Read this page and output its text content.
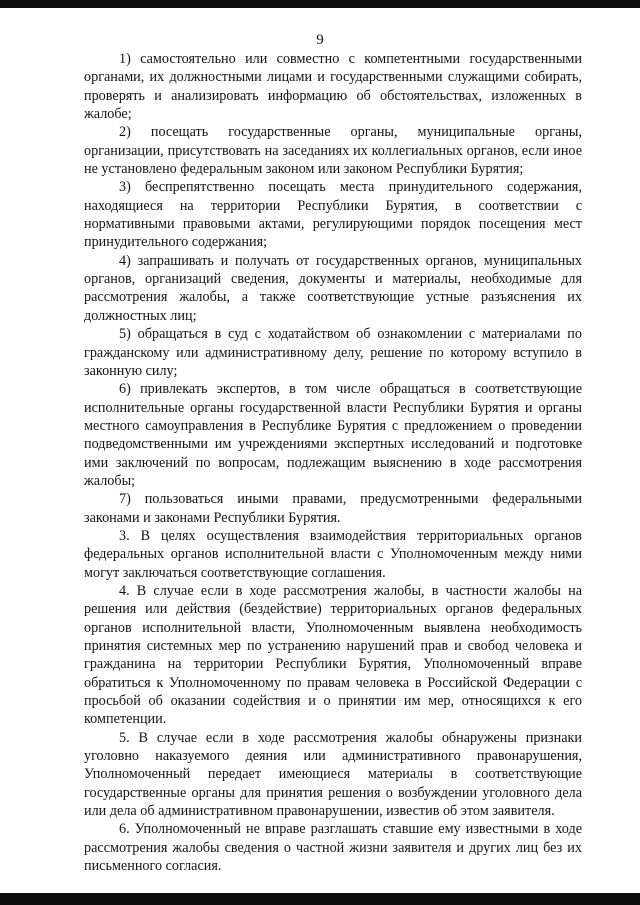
9

1) самостоятельно или совместно с компетентными государственными органами, их должностными лицами и государственными служащими собирать, проверять и анализировать информацию об обстоятельствах, изложенных в жалобе;

2) посещать государственные органы, муниципальные органы, организации, присутствовать на заседаниях их коллегиальных органов, если иное не установлено федеральным законом или законом Республики Бурятия;

3) беспрепятственно посещать места принудительного содержания, находящиеся на территории Республики Бурятия, в соответствии с нормативными правовыми актами, регулирующими порядок посещения мест принудительного содержания;

4) запрашивать и получать от государственных органов, муниципальных органов, организаций сведения, документы и материалы, необходимые для рассмотрения жалобы, а также соответствующие устные разъяснения их должностных лиц;

5) обращаться в суд с ходатайством об ознакомлении с материалами по гражданскому или административному делу, решение по которому вступило в законную силу;

6) привлекать экспертов, в том числе обращаться в соответствующие исполнительные органы государственной власти Республики Бурятия и органы местного самоуправления в Республике Бурятия с предложением о проведении подведомственными им учреждениями экспертных исследований и подготовке ими заключений по вопросам, подлежащим выяснению в ходе рассмотрения жалобы;

7) пользоваться иными правами, предусмотренными федеральными законами и законами Республики Бурятия.

3. В целях осуществления взаимодействия территориальных органов федеральных органов исполнительной власти с Уполномоченным между ними могут заключаться соответствующие соглашения.

4. В случае если в ходе рассмотрения жалобы, в частности жалобы на решения или действия (бездействие) территориальных органов федеральных органов исполнительной власти, Уполномоченным выявлена необходимость принятия системных мер по устранению нарушений прав и свобод человека и гражданина на территории Республики Бурятия, Уполномоченный вправе обратиться к Уполномоченному по правам человека в Российской Федерации с просьбой об оказании содействия и о принятии им мер, относящихся к его компетенции.

5. В случае если в ходе рассмотрения жалобы обнаружены признаки уголовно наказуемого деяния или административного правонарушения, Уполномоченный передает имеющиеся материалы в соответствующие государственные органы для принятия решения о возбуждении уголовного дела или дела об административном правонарушении, известив об этом заявителя.

6. Уполномоченный не вправе разглашать ставшие ему известными в ходе рассмотрения жалобы сведения о частной жизни заявителя и других лиц без их письменного согласия.
